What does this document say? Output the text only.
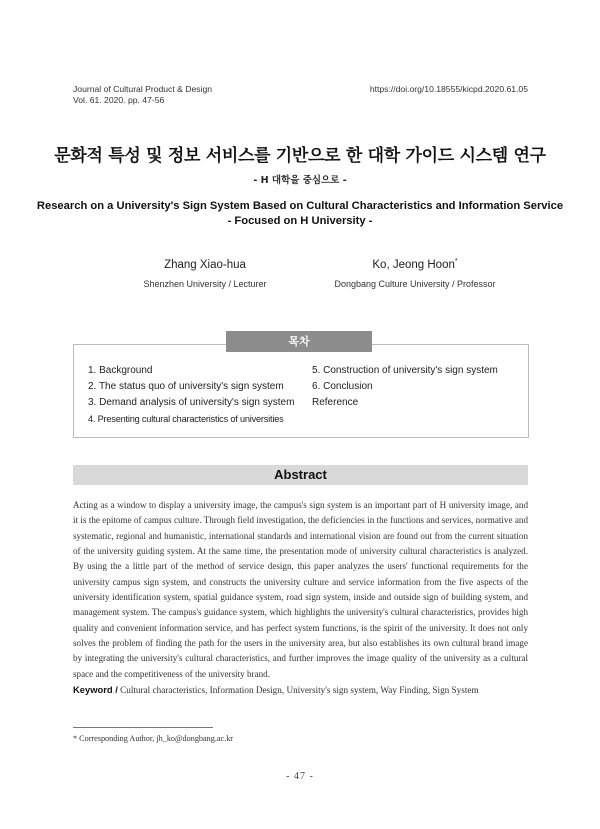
Journal of Cultural Product & Design
Vol. 61. 2020. pp. 47-56
https://doi.org/10.18555/kicpd.2020.61.05
문화적 특성 및 정보 서비스를 기반으로 한 대학 가이드 시스템 연구
- H 대학을 중심으로 -
Research on a University's Sign System Based on Cultural Characteristics and Information Service
- Focused on H University -
Zhang Xiao-hua
Shenzhen University / Lecturer
Ko, Jeong Hoon*
Dongbang Culture University / Professor
목차
1. Background
2. The status quo of university's sign system
3. Demand analysis of university's sign system
4. Presenting cultural characteristics of universities
5. Construction of university's sign system
6. Conclusion
Reference
Abstract
Acting as a window to display a university image, the campus's sign system is an important part of H university image, and it is the epitome of campus culture. Through field investigation, the deficiencies in the functions and services, normative and systematic, regional and humanistic, international standards and international vision are found out from the current situation of the university guiding system. At the same time, the presentation mode of university cultural characteristics is analyzed. By using the a little part of the method of service design, this paper analyzes the users' functional requirements for the university campus sign system, and constructs the university culture and service information from the five aspects of the university identification system, spatial guidance system, road sign system, inside and outside sign of building system, and management system. The campus's guidance system, which highlights the university's cultural characteristics, provides high quality and convenient information service, and has perfect system functions, is the spirit of the university. It does not only solves the problem of finding the path for the users in the university area, but also establishes its own cultural brand image by integrating the university's cultural characteristics, and further improves the image quality of the university as a cultural space and the competitiveness of the university brand.
Keyword / Cultural characteristics, Information Design, University's sign system, Way Finding, Sign System
* Corresponding Author, jh_ko@dongbang.ac.kr
- 47 -
